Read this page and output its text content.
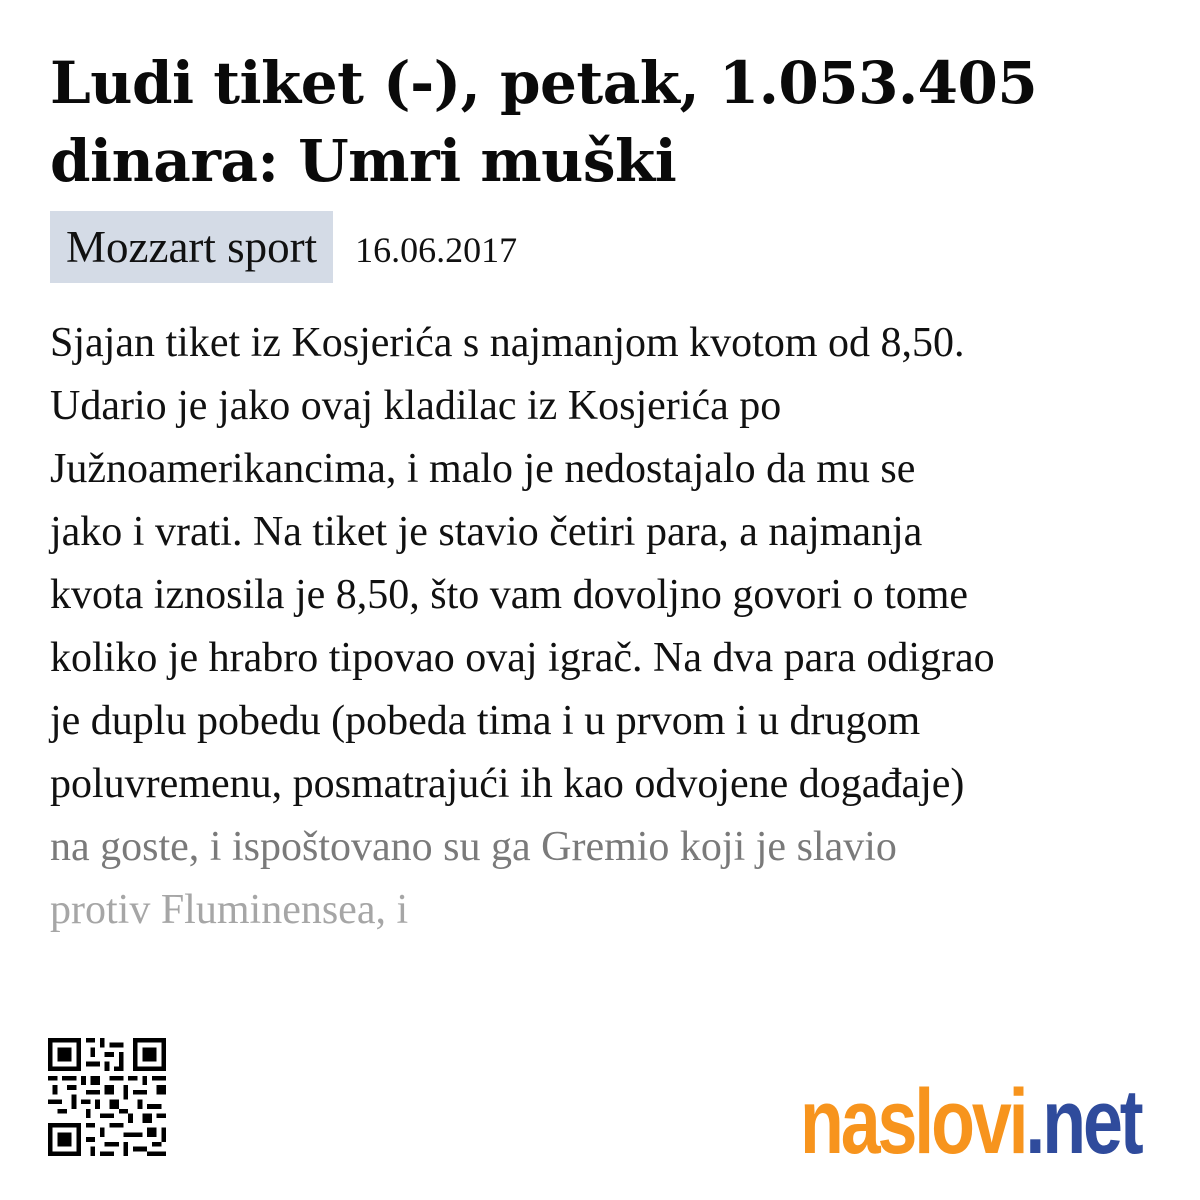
Ludi tiket (-), petak, 1.053.405 dinara: Umri muški
Mozzart sport	16.06.2017
Sjajan tiket iz Kosjerića s najmanjom kvotom od 8,50.
Udario je jako ovaj kladilac iz Kosjerića po
Južnoamerikancima, i malo je nedostajalo da mu se
jako i vrati. Na tiket je stavio četiri para, a najmanja
kvota iznosila je 8,50, što vam dovoljno govori o tome
koliko je hrabro tipovao ovaj igrač. Na dva para odigrao
je duplu pobedu (pobeda tima i u prvom i u drugom
poluvremenu, posmatrajući ih kao odvojene događaje)
na goste, i ispoštovano su ga Gremio koji je slavio
protiv Fluminensea, i
naslovi .net
